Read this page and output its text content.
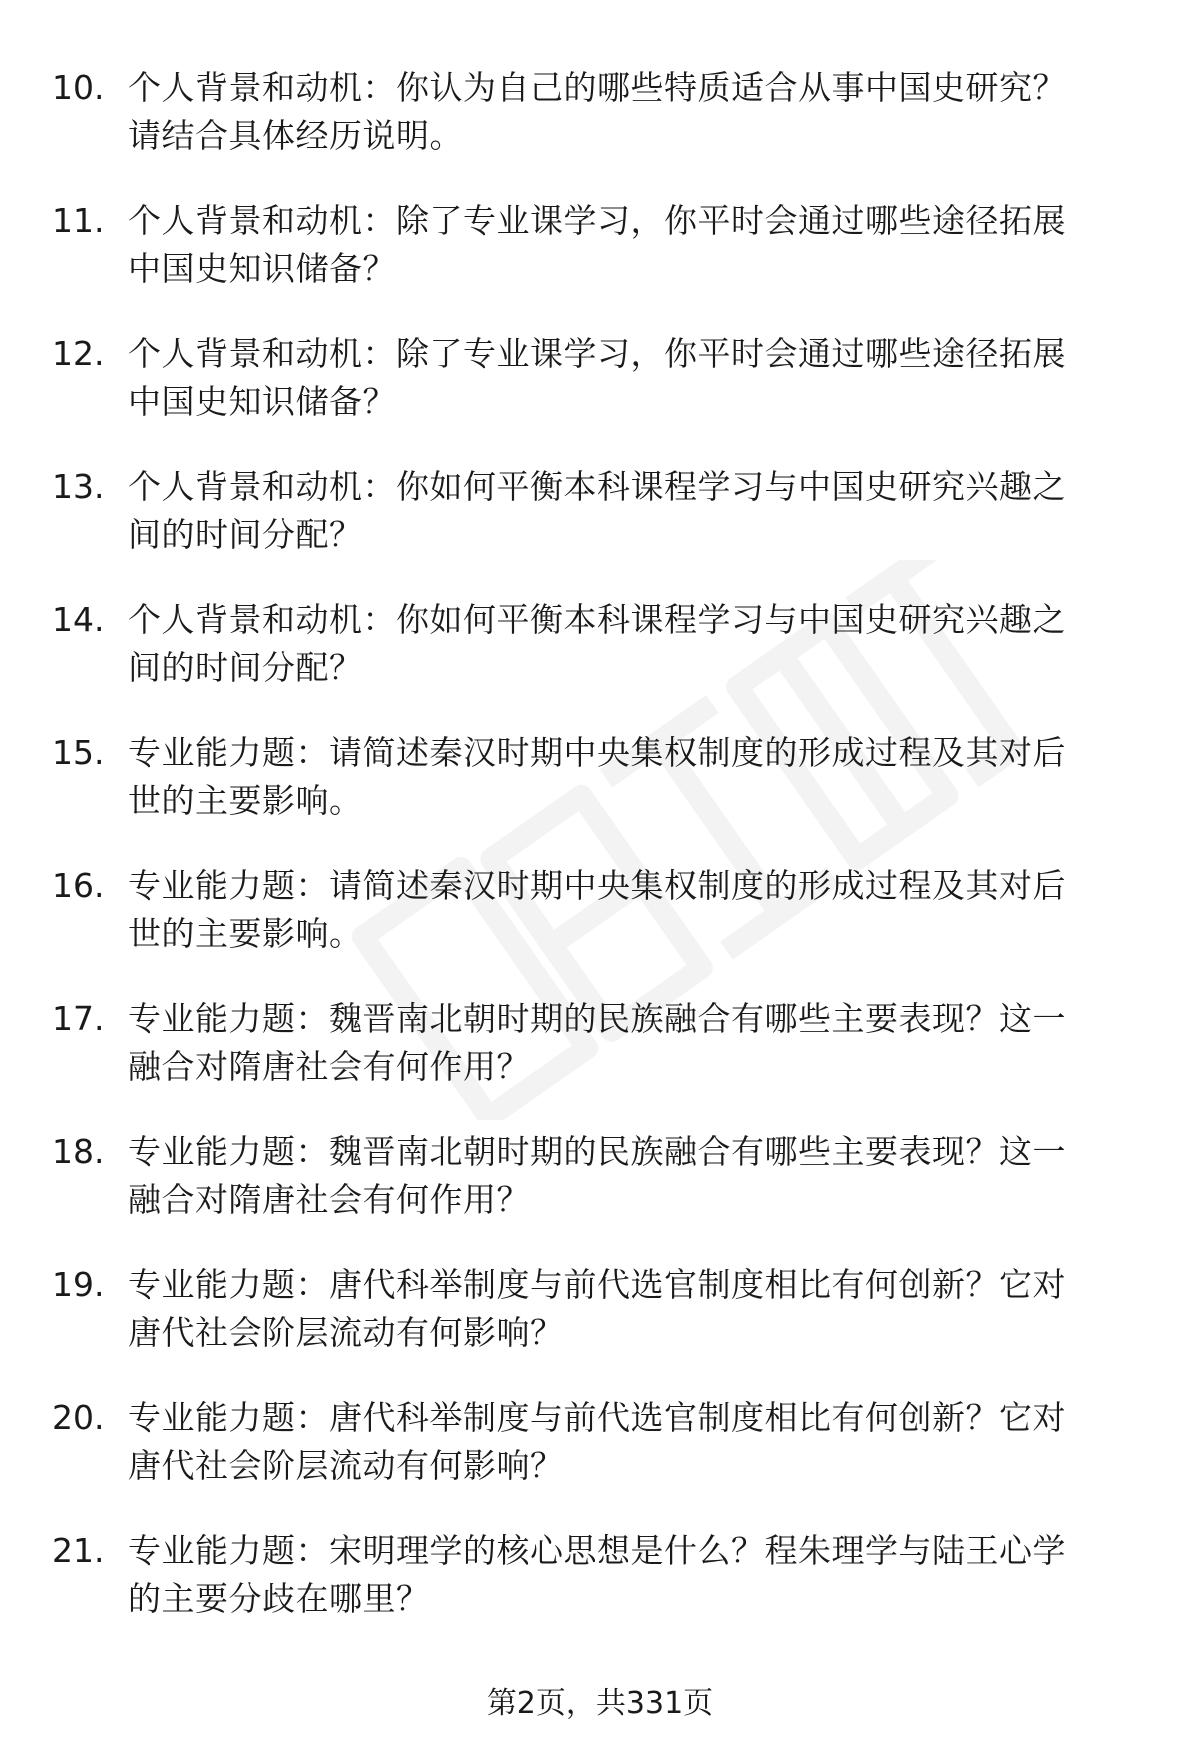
10. 个人背景和动机：你认为自己的哪些特质适合从事中国史研究？
请结合具体经历说明。
11. 个人背景和动机：除了专业课学习，你平时会通过哪些途径拓展
中国史知识储备？
12. 个人背景和动机：除了专业课学习，你平时会通过哪些途径拓展
中国史知识储备？
13. 个人背景和动机：你如何平衡本科课程学习与中国史研究兴趣之
间的时间分配？
14. 个人背景和动机：你如何平衡本科课程学习与中国史研究兴趣之
间的时间分配？
15. 专业能力题：请简述秦汉时期中央集权制度的形成过程及其对后
世的主要影响。
16. 专业能力题：请简述秦汉时期中央集权制度的形成过程及其对后
世的主要影响。
17. 专业能力题：魏晋南北朝时期的民族融合有哪些主要表现？这一
融合对隋唐社会有何作用？
18. 专业能力题：魏晋南北朝时期的民族融合有哪些主要表现？这一
融合对隋唐社会有何作用？
19. 专业能力题：唐代科举制度与前代选官制度相比有何创新？它对
唐代社会阶层流动有何影响？
20. 专业能力题：唐代科举制度与前代选官制度相比有何创新？它对
唐代社会阶层流动有何影响？
21. 专业能力题：宋明理学的核心思想是什么？程朱理学与陆王心学
的主要分歧在哪里？
第2页，共331页
